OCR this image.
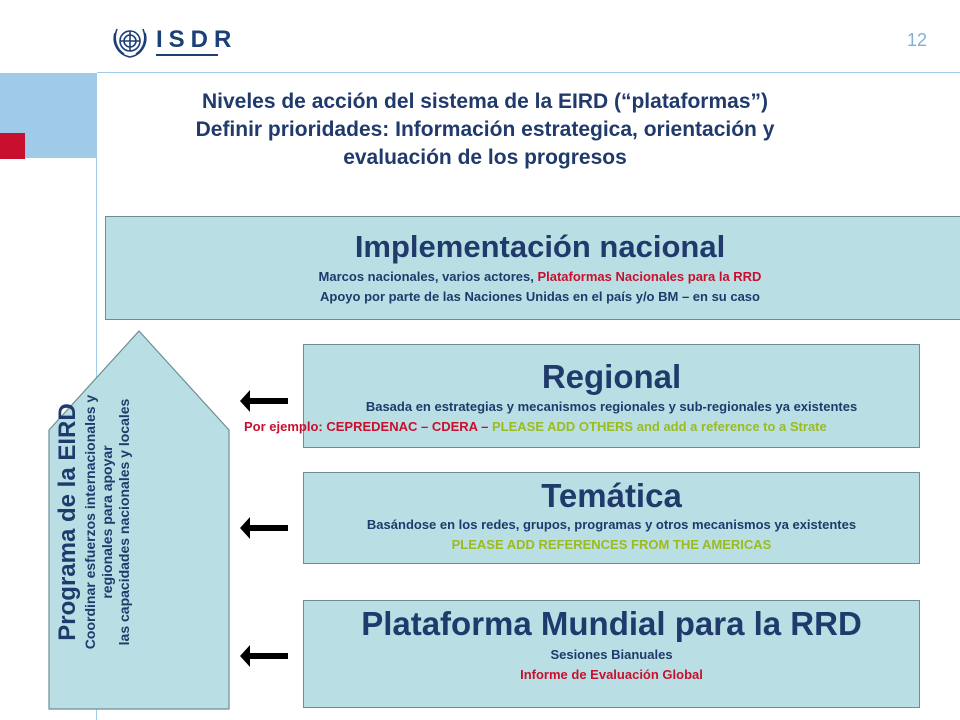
ISDR	12
Niveles de acción del sistema de la EIRD (“plataformas”)
Definir prioridades: Información estrategica, orientación y
evaluación de los progresos
Implementación nacional
Marcos nacionales, varios actores, Plataformas Nacionales para la RRD
Apoyo por parte de las Naciones Unidas en el país y/o BM – en su caso
Regional
Basada en estrategias y mecanismos regionales y sub-regionales ya existentes
Por ejemplo: CEPREDENAC – CDERA – PLEASE ADD OTHERS and add a reference to a Strate
Temática
Basándose en los redes, grupos, programas y otros mecanismos ya existentes
PLEASE ADD REFERENCES FROM THE AMERICAS
Plataforma Mundial para la RRD
Sesiones Bianuales
Informe de Evaluación Global
Programa de la EIRD Coordinar esfuerzos internacionales y regionales para apoyar las capacidades nacionales y locales
